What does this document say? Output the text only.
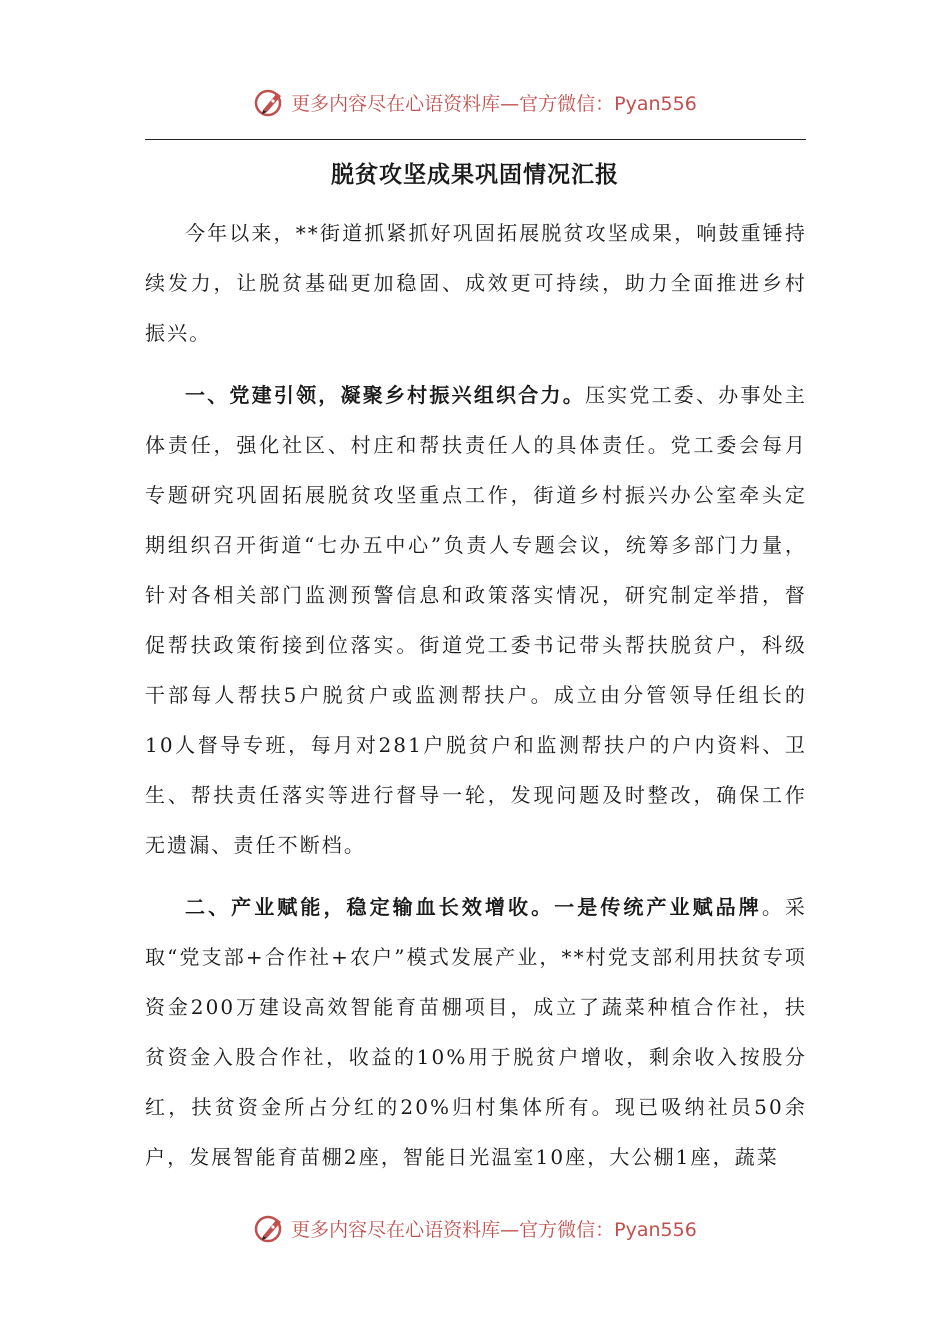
更多内容尽在心语资料库—官方微信：Pyan556
脱贫攻坚成果巩固情况汇报

今年以来，**街道抓紧抓好巩固拓展脱贫攻坚成果，响鼓重锤持续发力，让脱贫基础更加稳固、成效更可持续，助力全面推进乡村振兴。

一、党建引领，凝聚乡村振兴组织合力。压实党工委、办事处主体责任，强化社区、村庄和帮扶责任人的具体责任。党工委会每月专题研究巩固拓展脱贫攻坚重点工作，街道乡村振兴办公室牵头定期组织召开街道“七办五中心”负责人专题会议，统筹多部门力量，针对各相关部门监测预警信息和政策落实情况，研究制定举措，督促帮扶政策衔接到位落实。街道党工委书记带头帮扶脱贫户，科级干部每人帮扶5户脱贫户或监测帮扶户。成立由分管领导任组长的10人督导专班，每月对281户脱贫户和监测帮扶户的户内资料、卫生、帮扶责任落实等进行督导一轮，发现问题及时整改，确保工作无遗漏、责任不断档。

二、产业赋能，稳定输血长效增收。一是传统产业赋品牌。采取“党支部+合作社+农户”模式发展产业，**村党支部利用扶贫专项资金200万建设高效智能育苗棚项目，成立了蔬菜种植合作社，扶贫资金入股合作社，收益的10%用于脱贫户增收，剩余收入按股分红，扶贫资金所占分红的20%归村集体所有。现已吸纳社员50余户，发展智能育苗棚2座，智能日光温室10座，大公棚1座，蔬菜

更多内容尽在心语资料库—官方微信：Pyan556
